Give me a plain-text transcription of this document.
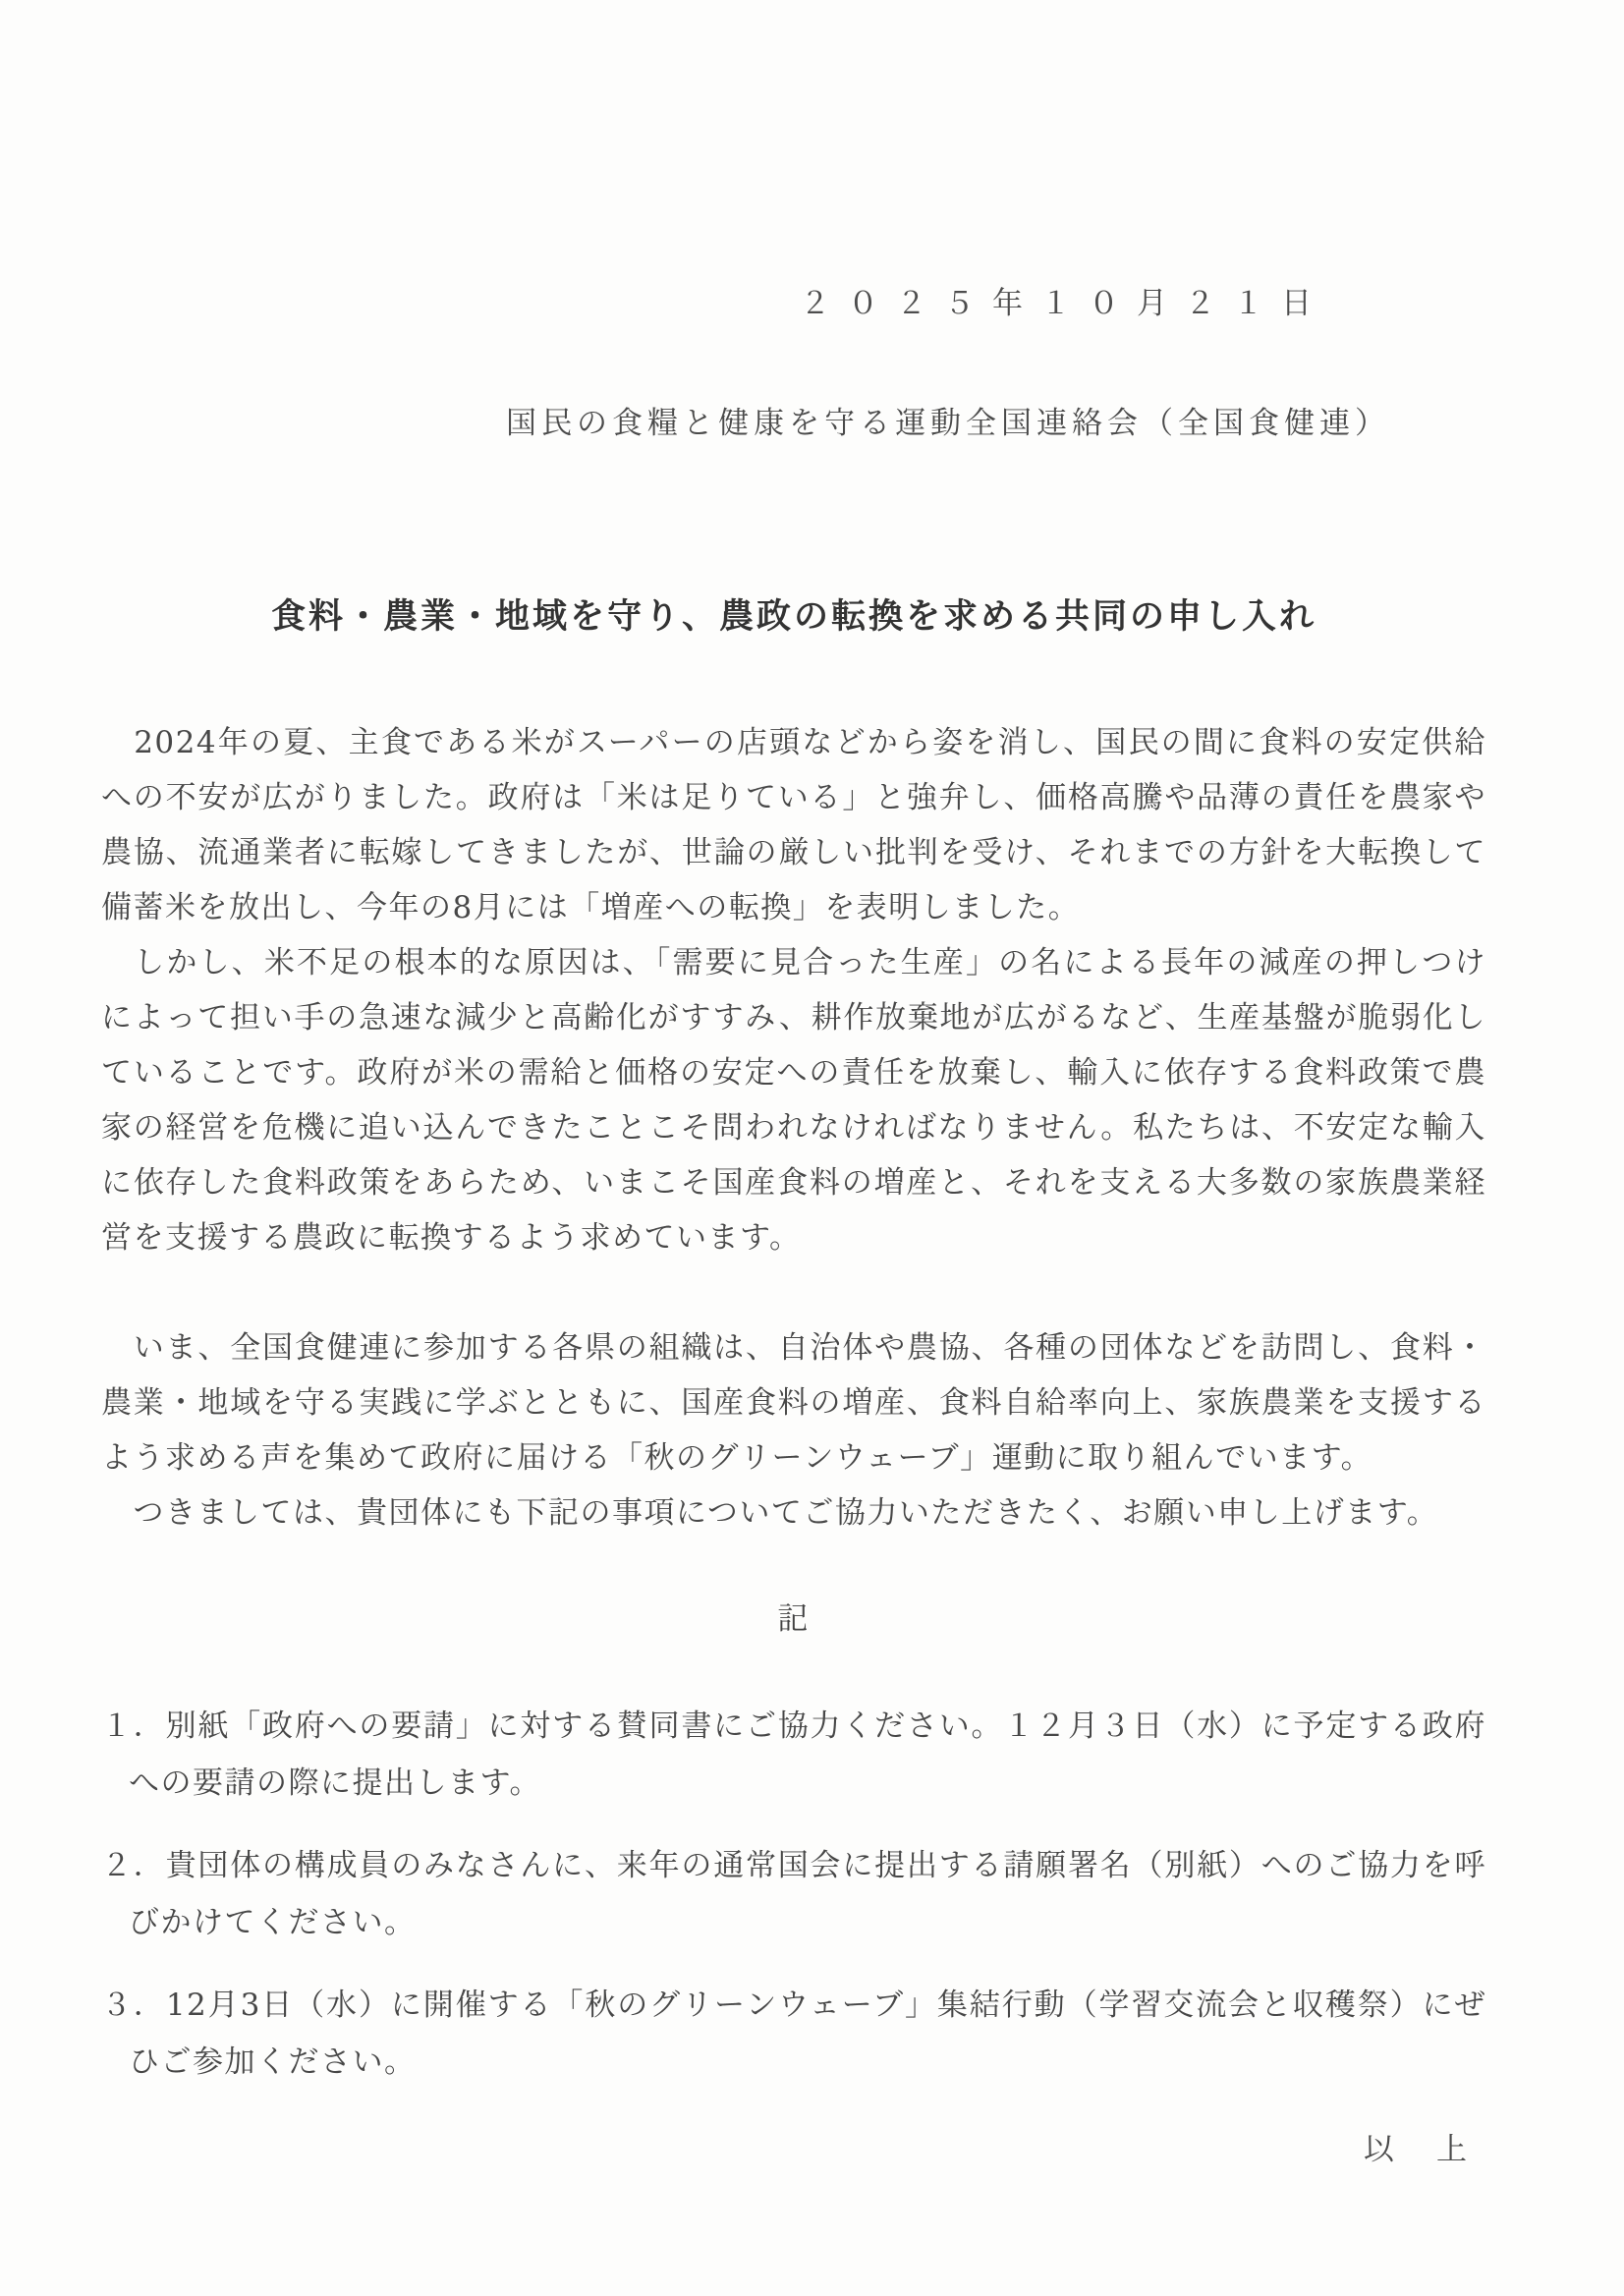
２０２５年１０月２１日
国民の食糧と健康を守る運動全国連絡会（全国食健連）
食料・農業・地域を守り、農政の転換を求める共同の申し入れ

　2024年の夏、主食である米がスーパーの店頭などから姿を消し、国民の間に食料の安定供給への不安が広がりました。政府は「米は足りている」と強弁し、価格高騰や品薄の責任を農家や農協、流通業者に転嫁してきましたが、世論の厳しい批判を受け、それまでの方針を大転換して備蓄米を放出し、今年の8月には「増産への転換」を表明しました。

　しかし、米不足の根本的な原因は、「需要に見合った生産」の名による長年の減産の押しつけによって担い手の急速な減少と高齢化がすすみ、耕作放棄地が広がるなど、生産基盤が脆弱化していることです。政府が米の需給と価格の安定への責任を放棄し、輸入に依存する食料政策で農家の経営を危機に追い込んできたことこそ問われなければなりません。私たちは、不安定な輸入に依存した食料政策をあらため、いまこそ国産食料の増産と、それを支える大多数の家族農業経営を支援する農政に転換するよう求めています。

　いま、全国食健連に参加する各県の組織は、自治体や農協、各種の団体などを訪問し、食料・農業・地域を守る実践に学ぶとともに、国産食料の増産、食料自給率向上、家族農業を支援するよう求める声を集めて政府に届ける「秋のグリーンウェーブ」運動に取り組んでいます。

　つきましては、貴団体にも下記の事項についてご協力いただきたく、お願い申し上げます。

記
１．別紙「政府への要請」に対する賛同書にご協力ください。１２月３日（水）に予定する政府への要請の際に提出します。
２．貴団体の構成員のみなさんに、来年の通常国会に提出する請願署名（別紙）へのご協力を呼びかけてください。
３．12月3日（水）に開催する「秋のグリーンウェーブ」集結行動（学習交流会と収穫祭）にぜひご参加ください。
以　上
